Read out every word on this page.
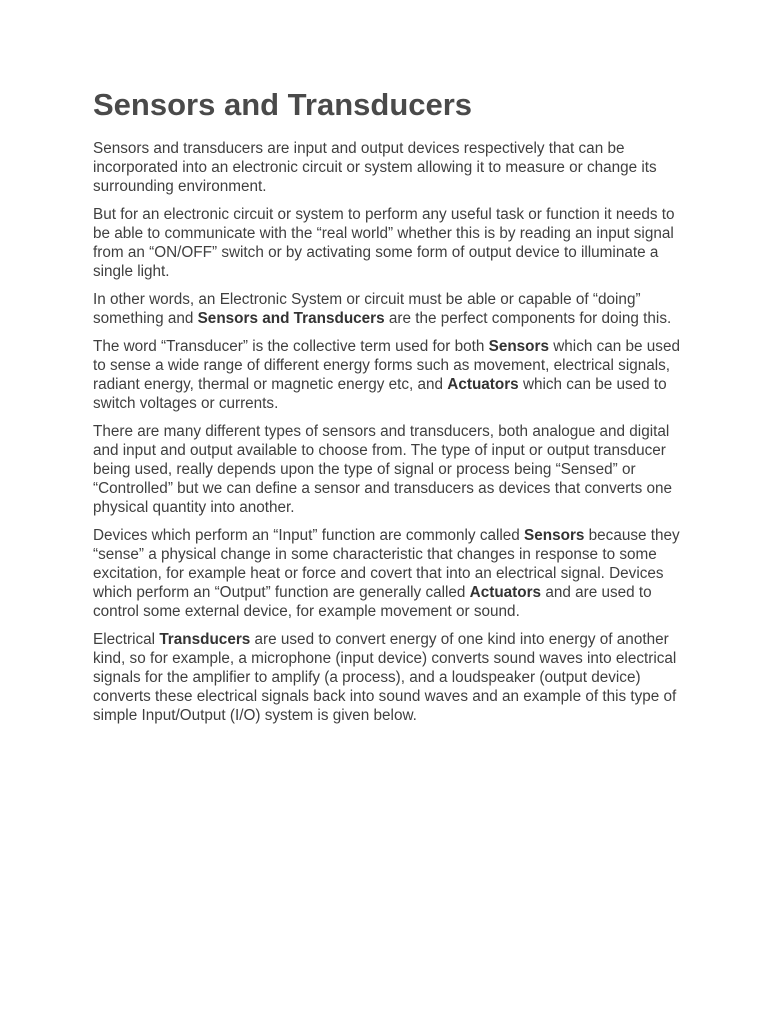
Sensors and Transducers

Sensors and transducers are input and output devices respectively that can be incorporated into an electronic circuit or system allowing it to measure or change its surrounding environment.

But for an electronic circuit or system to perform any useful task or function it needs to be able to communicate with the “real world” whether this is by reading an input signal from an “ON/OFF” switch or by activating some form of output device to illuminate a single light.

In other words, an Electronic System or circuit must be able or capable of “doing” something and Sensors and Transducers are the perfect components for doing this.

The word “Transducer” is the collective term used for both Sensors which can be used to sense a wide range of different energy forms such as movement, electrical signals, radiant energy, thermal or magnetic energy etc, and Actuators which can be used to switch voltages or currents.

There are many different types of sensors and transducers, both analogue and digital and input and output available to choose from. The type of input or output transducer being used, really depends upon the type of signal or process being “Sensed” or “Controlled” but we can define a sensor and transducers as devices that converts one physical quantity into another.

Devices which perform an “Input” function are commonly called Sensors because they “sense” a physical change in some characteristic that changes in response to some excitation, for example heat or force and covert that into an electrical signal. Devices which perform an “Output” function are generally called Actuators and are used to control some external device, for example movement or sound.

Electrical Transducers are used to convert energy of one kind into energy of another kind, so for example, a microphone (input device) converts sound waves into electrical signals for the amplifier to amplify (a process), and a loudspeaker (output device) converts these electrical signals back into sound waves and an example of this type of simple Input/Output (I/O) system is given below.
